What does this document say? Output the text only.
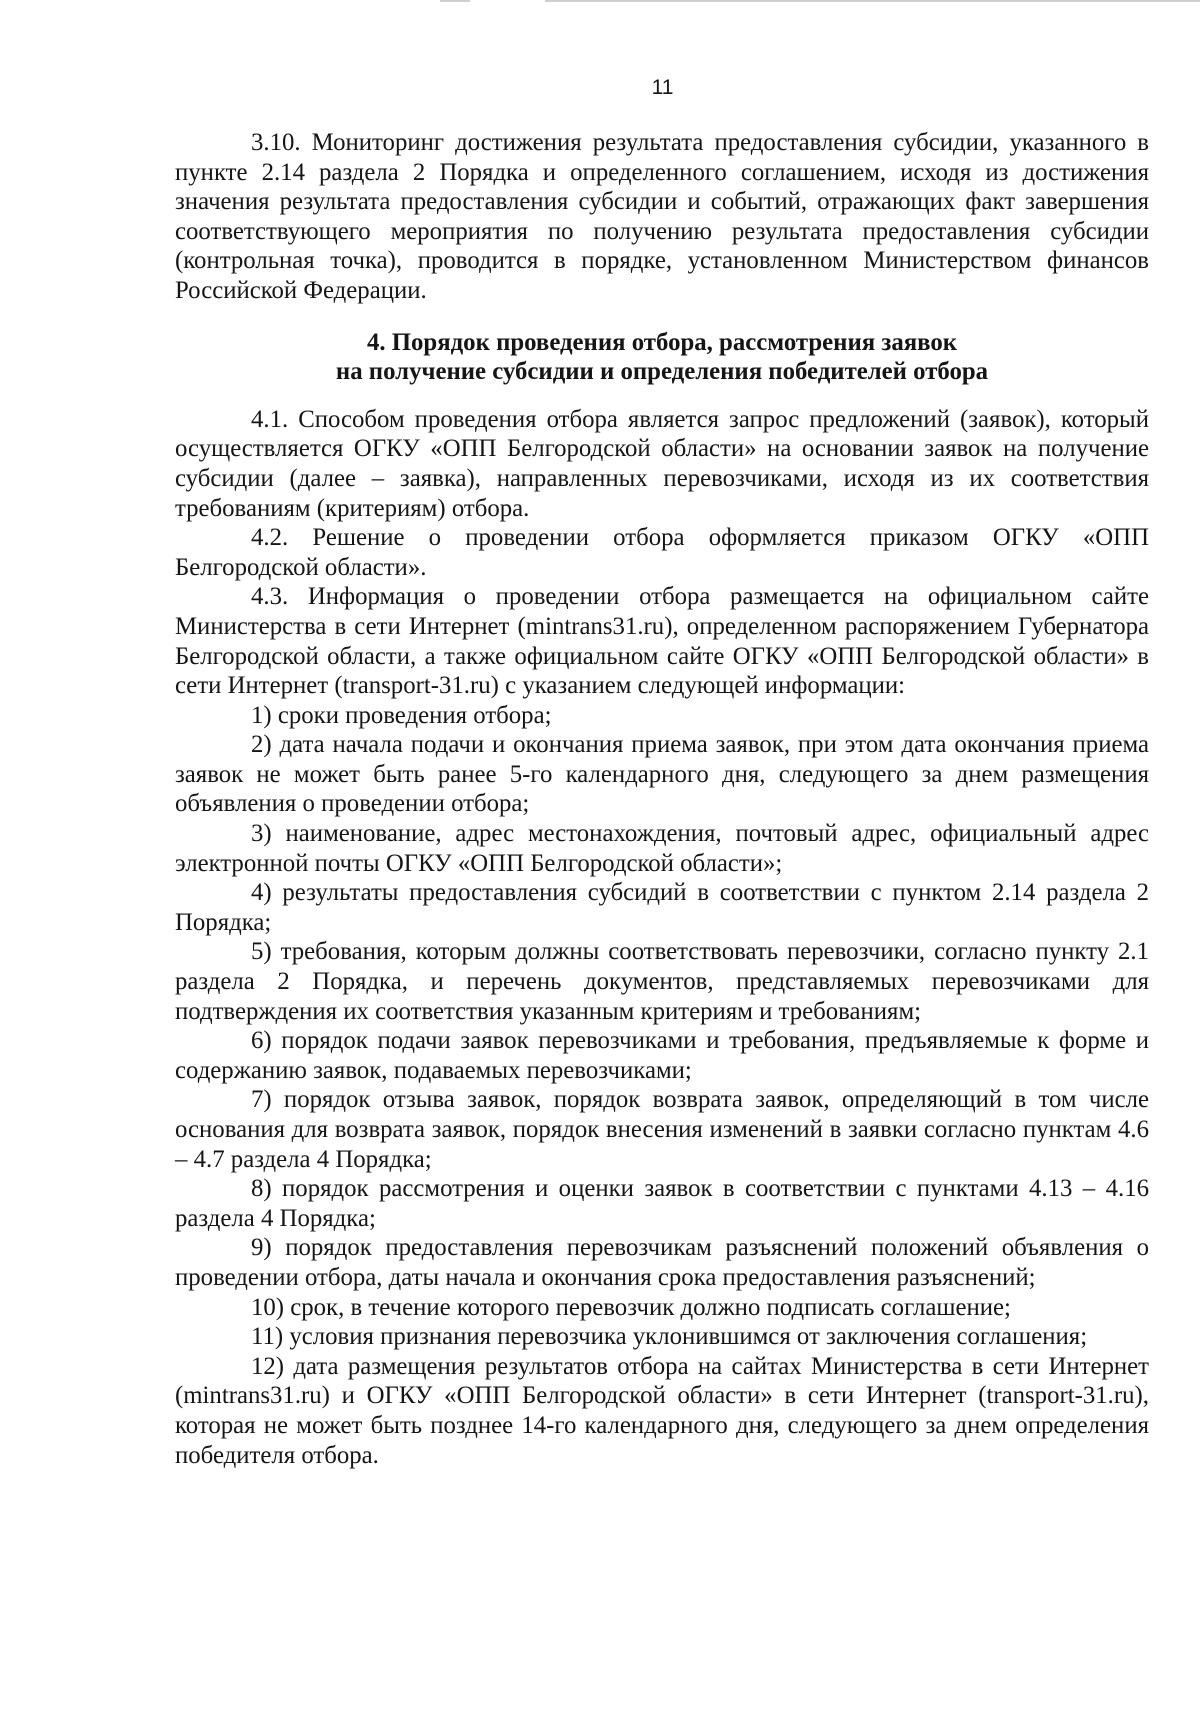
11

3.10. Мониторинг достижения результата предоставления субсидии, указанного в пункте 2.14 раздела 2 Порядка и определенного соглашением, исходя из достижения значения результата предоставления субсидии и событий, отражающих факт завершения соответствующего мероприятия по получению результата предоставления субсидии (контрольная точка), проводится в порядке, установленном Министерством финансов Российской Федерации.

4. Порядок проведения отбора, рассмотрения заявок
на получение субсидии и определения победителей отбора

4.1. Способом проведения отбора является запрос предложений (заявок), который осуществляется ОГКУ «ОПП Белгородской области» на основании заявок на получение субсидии (далее – заявка), направленных перевозчиками, исходя из их соответствия требованиям (критериям) отбора.

4.2. Решение о проведении отбора оформляется приказом ОГКУ «ОПП Белгородской области».

4.3. Информация о проведении отбора размещается на официальном сайте Министерства в сети Интернет (mintrans31.ru), определенном распоряжением Губернатора Белгородской области, а также официальном сайте ОГКУ «ОПП Белгородской области» в сети Интернет (transport-31.ru) с указанием следующей информации:

1) сроки проведения отбора;

2) дата начала подачи и окончания приема заявок, при этом дата окончания приема заявок не может быть ранее 5-го календарного дня, следующего за днем размещения объявления о проведении отбора;

3) наименование, адрес местонахождения, почтовый адрес, официальный адрес электронной почты ОГКУ «ОПП Белгородской области»;

4) результаты предоставления субсидий в соответствии с пунктом 2.14 раздела 2 Порядка;

5) требования, которым должны соответствовать перевозчики, согласно пункту 2.1 раздела 2 Порядка, и перечень документов, представляемых перевозчиками для подтверждения их соответствия указанным критериям и требованиям;

6) порядок подачи заявок перевозчиками и требования, предъявляемые к форме и содержанию заявок, подаваемых перевозчиками;

7) порядок отзыва заявок, порядок возврата заявок, определяющий в том числе основания для возврата заявок, порядок внесения изменений в заявки согласно пунктам 4.6 – 4.7 раздела 4 Порядка;

8) порядок рассмотрения и оценки заявок в соответствии с пунктами 4.13 – 4.16 раздела 4 Порядка;

9) порядок предоставления перевозчикам разъяснений положений объявления о проведении отбора, даты начала и окончания срока предоставления разъяснений;

10) срок, в течение которого перевозчик должно подписать соглашение;

11) условия признания перевозчика уклонившимся от заключения соглашения;

12) дата размещения результатов отбора на сайтах Министерства в сети Интернет (mintrans31.ru) и ОГКУ «ОПП Белгородской области» в сети Интернет (transport-31.ru), которая не может быть позднее 14-го календарного дня, следующего за днем определения победителя отбора.
